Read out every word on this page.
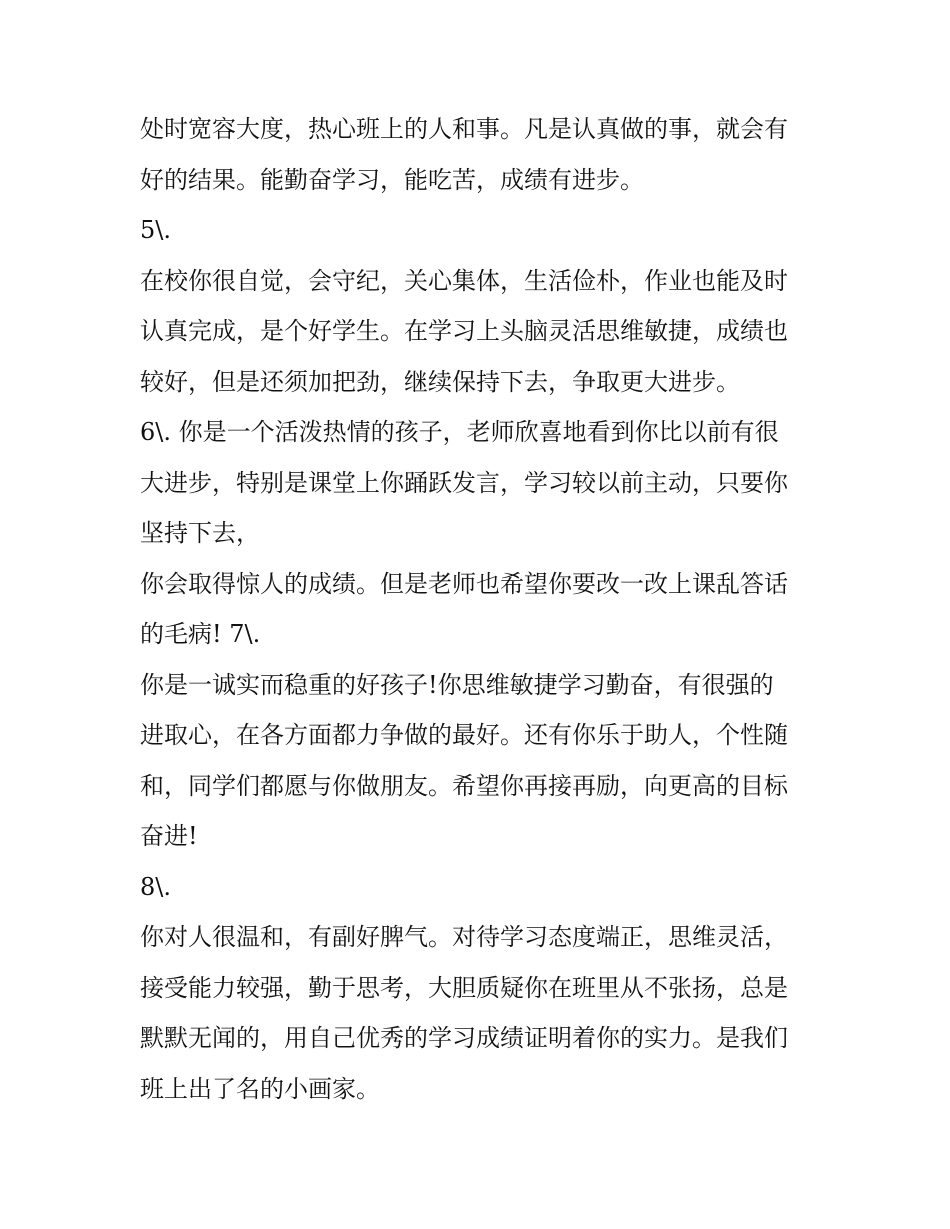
处时宽容大度，热心班上的人和事。凡是认真做的事，就会有
好的结果。能勤奋学习，能吃苦，成绩有进步。
5\.
在校你很自觉，会守纪，关心集体，生活俭朴，作业也能及时
认真完成，是个好学生。在学习上头脑灵活思维敏捷，成绩也
较好，但是还须加把劲，继续保持下去，争取更大进步。
6\. 你是一个活泼热情的孩子，老师欣喜地看到你比以前有很
大进步，特别是课堂上你踊跃发言，学习较以前主动，只要你
坚持下去，
你会取得惊人的成绩。但是老师也希望你要改一改上课乱答话
的毛病! 7\.
你是一诚实而稳重的好孩子!你思维敏捷学习勤奋，有很强的
进取心，在各方面都力争做的最好。还有你乐于助人，个性随
和，同学们都愿与你做朋友。希望你再接再励，向更高的目标
奋进!
8\.
你对人很温和，有副好脾气。对待学习态度端正，思维灵活，
接受能力较强，勤于思考，大胆质疑你在班里从不张扬，总是
默默无闻的，用自己优秀的学习成绩证明着你的实力。是我们
班上出了名的小画家。
